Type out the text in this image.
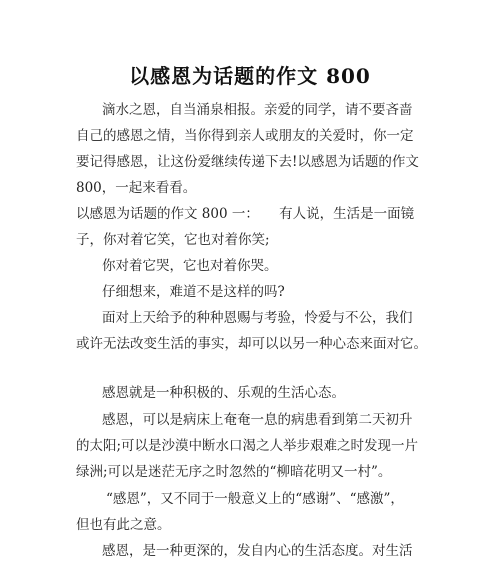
以感恩为话题的作文 800
滴水之恩，自当涌泉相报。亲爱的同学，请不要吝啬
自己的感恩之情，当你得到亲人或朋友的关爱时，你一定
要记得感恩，让这份爱继续传递下去!以感恩为话题的作文
800，一起来看看。
以感恩为话题的作文 800 一：　　有人说，生活是一面镜
子，你对着它笑，它也对着你笑;
你对着它哭，它也对着你哭。
仔细想来，难道不是这样的吗?
面对上天给予的种种恩赐与考验，怜爱与不公，我们
或许无法改变生活的事实，却可以以另一种心态来面对它。
感恩就是一种积极的、乐观的生活心态。
感恩，可以是病床上奄奄一息的病患看到第二天初升
的太阳;可以是沙漠中断水口渴之人举步艰难之时发现一片
绿洲;可以是迷茫无序之时忽然的“柳暗花明又一村”。
“感恩”，又不同于一般意义上的“感谢”、“感激”，
但也有此之意。
感恩，是一种更深的，发自内心的生活态度。对生活
